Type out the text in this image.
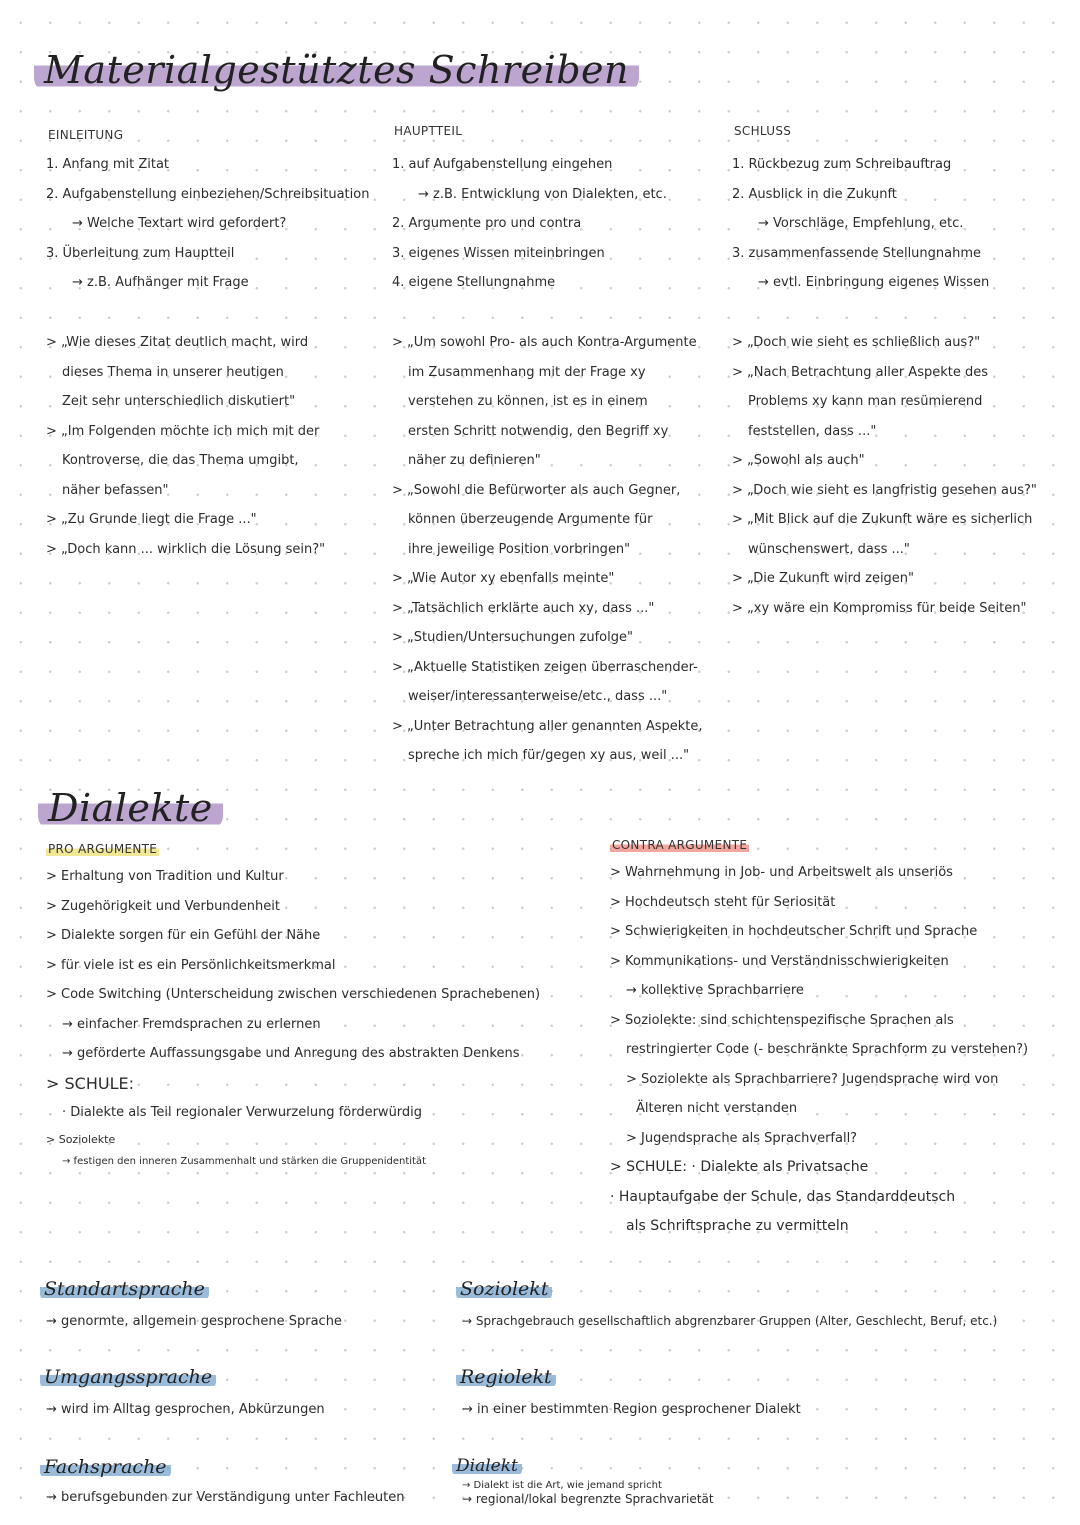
Materialgestütztes Schreiben
EINLEITUNG
1. Anfang mit Zitat
2. Aufgabenstellung einbeziehen/Schreibsituation
→ Welche Textart wird gefordert?
3. Überleitung zum Hauptteil
→ z.B. Aufhänger mit Frage
> „Wie dieses Zitat deutlich macht, wird
dieses Thema in unserer heutigen
Zeit sehr unterschiedlich diskutiert"
> „Im Folgenden möchte ich mich mit der
Kontroverse, die das Thema umgibt,
näher befassen"
> „Zu Grunde liegt die Frage ..."
> „Doch kann ... wirklich die Lösung sein?"
HAUPTTEIL
1. auf Aufgabenstellung eingehen
→ z.B. Entwicklung von Dialekten, etc.
2. Argumente pro und contra
3. eigenes Wissen miteinbringen
4. eigene Stellungnahme
> „Um sowohl Pro- als auch Kontra-Argumente
im Zusammenhang mit der Frage xy
verstehen zu können, ist es in einem
ersten Schritt notwendig, den Begriff xy
näher zu definieren"
> „Sowohl die Befürworter als auch Gegner,
können überzeugende Argumente für
ihre jeweilige Position vorbringen"
> „Wie Autor xy ebenfalls meinte"
> „Tatsächlich erklärte auch xy, dass ..."
> „Studien/Untersuchungen zufolge"
> „Aktuelle Statistiken zeigen überraschender-
weiser/interessanterweise/etc., dass ..."
> „Unter Betrachtung aller genannten Aspekte,
spreche ich mich für/gegen xy aus, weil ..."
SCHLUSS
1. Rückbezug zum Schreibauftrag
2. Ausblick in die Zukunft
→ Vorschläge, Empfehlung, etc.
3. zusammenfassende Stellungnahme
→ evtl. Einbringung eigenes Wissen
> „Doch wie sieht es schließlich aus?"
> „Nach Betrachtung aller Aspekte des
Problems xy kann man resümierend
feststellen, dass ..."
> „Sowohl als auch"
> „Doch wie sieht es langfristig gesehen aus?"
> „Mit Blick auf die Zukunft wäre es sicherlich
wünschenswert, dass ..."
> „Die Zukunft wird zeigen"
> „xy wäre ein Kompromiss für beide Seiten"
Dialekte
PRO ARGUMENTE
> Erhaltung von Tradition und Kultur
> Zugehörigkeit und Verbundenheit
> Dialekte sorgen für ein Gefühl der Nähe
> für viele ist es ein Persönlichkeitsmerkmal
> Code Switching (Unterscheidung zwischen verschiedenen Sprachebenen)
→ einfacher Fremdsprachen zu erlernen
→ geförderte Auffassungsgabe und Anregung des abstrakten Denkens
> SCHULE:
· Dialekte als Teil regionaler Verwurzelung förderwürdig
> Soziolekte
→ festigen den inneren Zusammenhalt und stärken die Gruppenidentität
CONTRA ARGUMENTE
> Wahrnehmung in Job- und Arbeitswelt als unseriös
> Hochdeutsch steht für Seriosität
> Schwierigkeiten in hochdeutscher Schrift und Sprache
> Kommunikations- und Verständnisschwierigkeiten
→ kollektive Sprachbarriere
> Soziolekte: sind schichtenspezifische Sprachen als
restringierter Code (- beschränkte Sprachform zu verstehen?)
> Soziolekte als Sprachbarriere? Jugendsprache wird von
Älteren nicht verstanden
> Jugendsprache als Sprachverfall?
> SCHULE: · Dialekte als Privatsache
· Hauptaufgabe der Schule, das Standarddeutsch
als Schriftsprache zu vermitteln
Standartsprache
→ genormte, allgemein gesprochene Sprache
Soziolekt
→ Sprachgebrauch gesellschaftlich abgrenzbarer Gruppen (Alter, Geschlecht, Beruf, etc.)
Umgangssprache
→ wird im Alltag gesprochen, Abkürzungen
Regiolekt
→ in einer bestimmten Region gesprochener Dialekt
Fachsprache
→ berufsgebunden zur Verständigung unter Fachleuten
Dialekt
→ Dialekt ist die Art, wie jemand spricht
→ regional/lokal begrenzte Sprachvarietät
